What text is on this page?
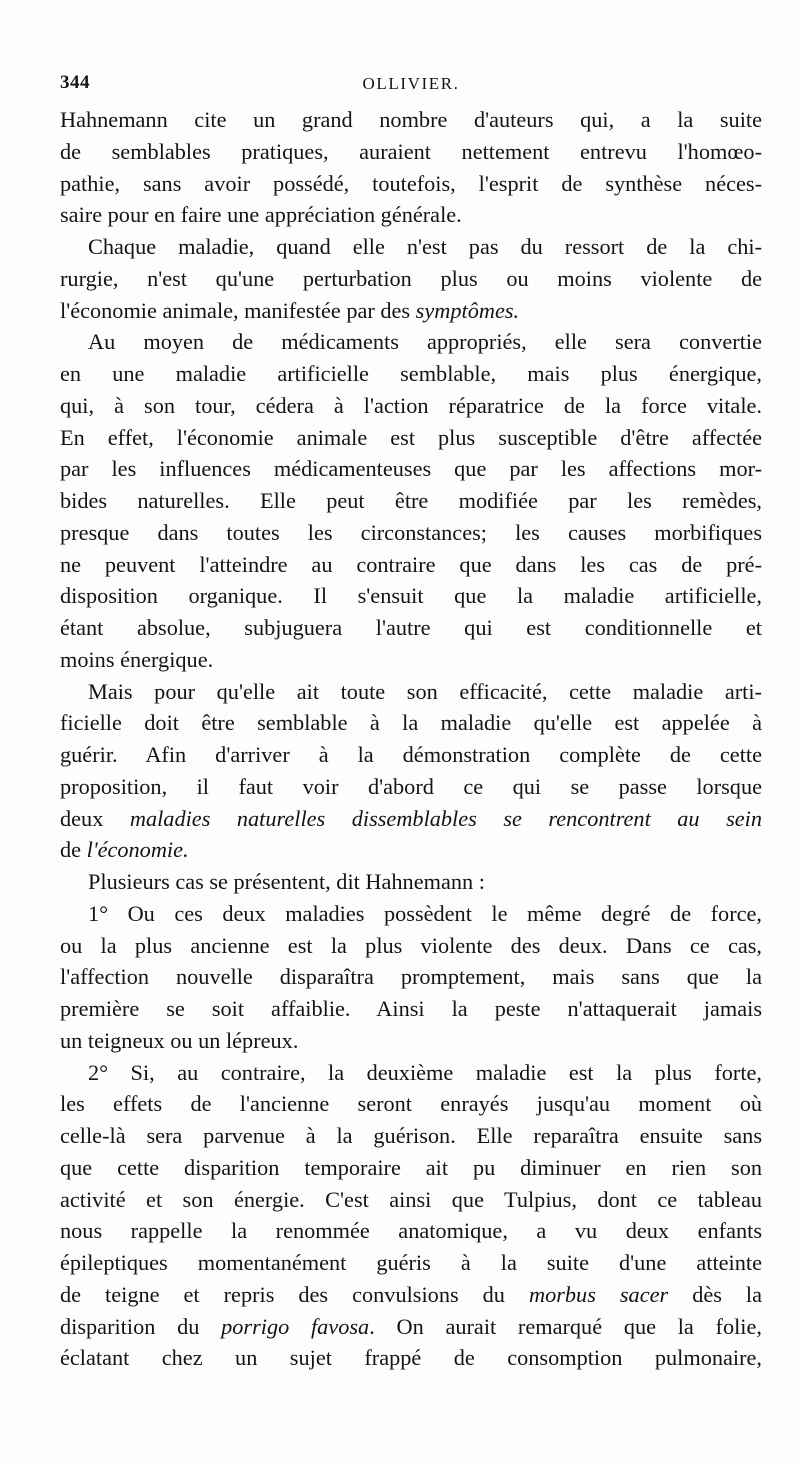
344	OLLIVIER.
Hahnemann cite un grand nombre d'auteurs qui, a la suite
de semblables pratiques, auraient nettement entrevu l'homœo-
pathie, sans avoir possédé, toutefois, l'esprit de synthèse néces-
saire pour en faire une appréciation générale.
Chaque maladie, quand elle n'est pas du ressort de la chi-
rurgie, n'est qu'une perturbation plus ou moins violente de
l'économie animale, manifestée par des symptômes.
Au moyen de médicaments appropriés, elle sera convertie
en une maladie artificielle semblable, mais plus énergique,
qui, à son tour, cédera à l'action réparatrice de la force vitale.
En effet, l'économie animale est plus susceptible d'être affectée
par les influences médicamenteuses que par les affections mor-
bides naturelles. Elle peut être modifiée par les remèdes,
presque dans toutes les circonstances; les causes morbifiques
ne peuvent l'atteindre au contraire que dans les cas de pré-
disposition organique. Il s'ensuit que la maladie artificielle,
étant absolue, subjuguera l'autre qui est conditionnelle et
moins énergique.
Mais pour qu'elle ait toute son efficacité, cette maladie arti-
ficielle doit être semblable à la maladie qu'elle est appelée à
guérir. Afin d'arriver à la démonstration complète de cette
proposition, il faut voir d'abord ce qui se passe lorsque
deux maladies naturelles dissemblables se rencontrent au sein
de l'économie.
Plusieurs cas se présentent, dit Hahnemann :
1° Ou ces deux maladies possèdent le même degré de force,
ou la plus ancienne est la plus violente des deux. Dans ce cas,
l'affection nouvelle disparaîtra promptement, mais sans que la
première se soit affaiblie. Ainsi la peste n'attaquerait jamais
un teigneux ou un lépreux.
2° Si, au contraire, la deuxième maladie est la plus forte,
les effets de l'ancienne seront enrayés jusqu'au moment où
celle-là sera parvenue à la guérison. Elle reparaîtra ensuite sans
que cette disparition temporaire ait pu diminuer en rien son
activité et son énergie. C'est ainsi que Tulpius, dont ce tableau
nous rappelle la renommée anatomique, a vu deux enfants
épileptiques momentanément guéris à la suite d'une atteinte
de teigne et repris des convulsions du morbus sacer dès la
disparition du porrigo favosa. On aurait remarqué que la folie,
éclatant chez un sujet frappé de consomption pulmonaire,
